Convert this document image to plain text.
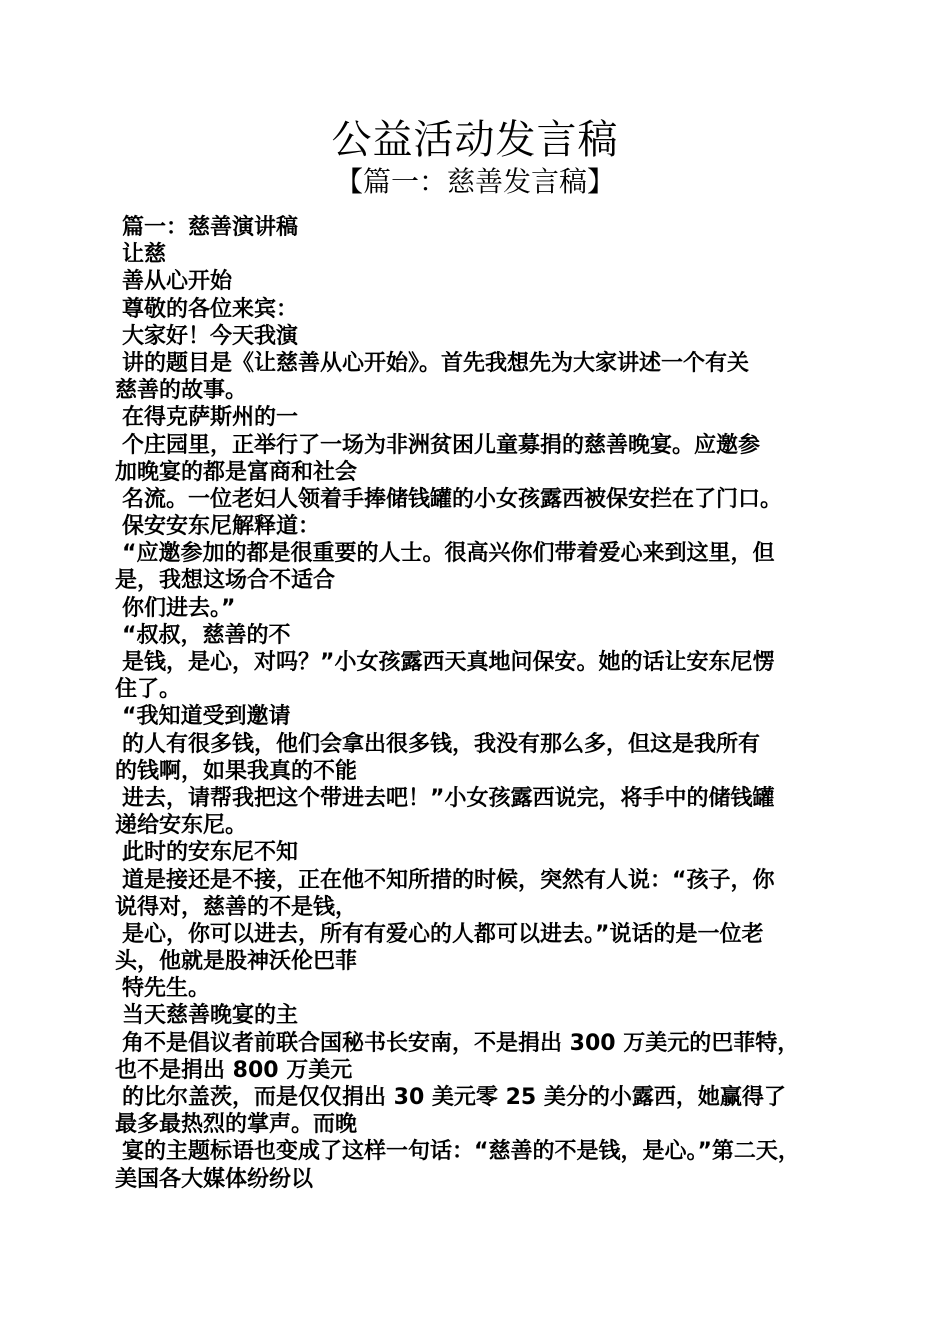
公益活动发言稿
【篇一：慈善发言稿】
篇一：慈善演讲稿
让慈
善从心开始
尊敬的各位来宾：
大家好！今天我演
讲的题目是《让慈善从心开始》。首先我想先为大家讲述一个有关
慈善的故事。
在得克萨斯州的一
个庄园里，正举行了一场为非洲贫困儿童募捐的慈善晚宴。应邀参
加晚宴的都是富商和社会
名流。一位老妇人领着手捧储钱罐的小女孩露西被保安拦在了门口。
保安安东尼解释道：
“应邀参加的都是很重要的人士。很高兴你们带着爱心来到这里，但
是，我想这场合不适合
你们进去。”
“叔叔，慈善的不
是钱，是心，对吗？”小女孩露西天真地问保安。她的话让安东尼愣
住了。
“我知道受到邀请
的人有很多钱，他们会拿出很多钱，我没有那么多，但这是我所有
的钱啊，如果我真的不能
进去，请帮我把这个带进去吧！”小女孩露西说完，将手中的储钱罐
递给安东尼。
此时的安东尼不知
道是接还是不接，正在他不知所措的时候，突然有人说：“孩子，你
说得对，慈善的不是钱，
是心，你可以进去，所有有爱心的人都可以进去。”说话的是一位老
头，他就是股神沃伦巴菲
特先生。
当天慈善晚宴的主
角不是倡议者前联合国秘书长安南，不是捐出 300 万美元的巴菲特，
也不是捐出 800 万美元
的比尔盖茨，而是仅仅捐出 30 美元零 25 美分的小露西，她赢得了
最多最热烈的掌声。而晚
宴的主题标语也变成了这样一句话：“慈善的不是钱，是心。”第二天，
美国各大媒体纷纷以
